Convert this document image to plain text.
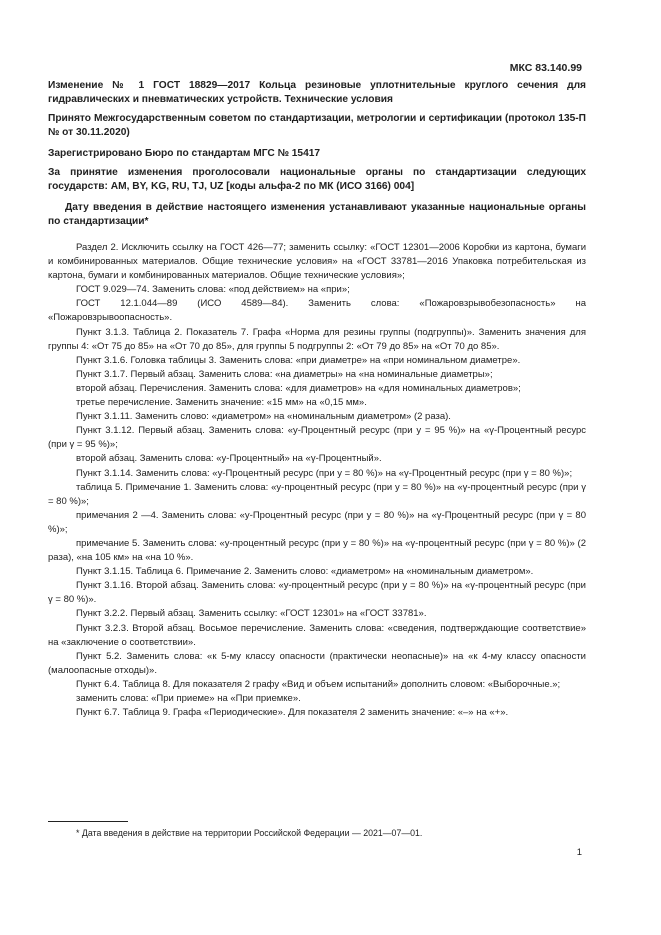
МКС 83.140.99
Изменение № 1 ГОСТ 18829—2017 Кольца резиновые уплотнительные круглого сечения для гидравлических и пневматических устройств. Технические условия
Принято Межгосударственным советом по стандартизации, метрологии и сертификации (протокол 135-П № от 30.11.2020)
Зарегистрировано Бюро по стандартам МГС № 15417
За принятие изменения проголосовали национальные органы по стандартизации следующих государств: AM, BY, KG, RU, TJ, UZ [коды альфа-2 по МК (ИСО 3166) 004]
Дату введения в действие настоящего изменения устанавливают указанные национальные органы по стандартизации*

Раздел 2. Исключить ссылку на ГОСТ 426—77; заменить ссылку: «ГОСТ 12301—2006 Коробки из картона, бумаги и комбинированных материалов. Общие технические условия» на «ГОСТ 33781—2016 Упаковка потребительская из картона, бумаги и комбинированных материалов. Общие технические условия»;

ГОСТ 9.029—74. Заменить слова: «под действием» на «при»;

ГОСТ 12.1.044—89 (ИСО 4589—84). Заменить слова: «Пожаровзрывобезопасность» на «Пожаровзрывоопасность».

Пункт 3.1.3. Таблица 2. Показатель 7. Графа «Норма для резины группы (подгруппы)». Заменить значения для группы 4: «От 75 до 85» на «От 70 до 85», для группы 5 подгруппы 2: «От 79 до 85» на «От 70 до 85».

Пункт 3.1.6. Головка таблицы 3. Заменить слова: «при диаметре» на «при номинальном диаметре».

Пункт 3.1.7. Первый абзац. Заменить слова: «на диаметры» на «на номинальные диаметры»;

второй абзац. Перечисления. Заменить слова: «для диаметров» на «для номинальных диаметров»;

третье перечисление. Заменить значение: «15 мм» на «0,15 мм».

Пункт 3.1.11. Заменить слово: «диаметром» на «номинальным диаметром» (2 раза).

Пункт 3.1.12. Первый абзац. Заменить слова: «у-Процентный ресурс (при у = 95 %)» на «γ-Процентный ресурс (при γ = 95 %)»;

второй абзац. Заменить слова: «у-Процентный» на «γ-Процентный».

Пункт 3.1.14. Заменить слова: «у-Процентный ресурс (при у = 80 %)» на «γ-Процентный ресурс (при γ = 80 %)»;

таблица 5. Примечание 1. Заменить слова: «у-процентный ресурс (при у = 80 %)» на «γ-процентный ресурс (при γ = 80 %)»;

примечания 2 —4. Заменить слова: «у-Процентный ресурс (при у = 80 %)» на «γ-Процентный ресурс (при γ = 80 %)»;

примечание 5. Заменить слова: «у-процентный ресурс (при у = 80 %)» на «γ-процентный ресурс (при γ = 80 %)» (2 раза), «на 105 км» на «на 10 %».

Пункт 3.1.15. Таблица 6. Примечание 2. Заменить слово: «диаметром» на «номинальным диаметром».

Пункт 3.1.16. Второй абзац. Заменить слова: «у-процентный ресурс (при у = 80 %)» на «γ-процентный ресурс (при γ = 80 %)».

Пункт 3.2.2. Первый абзац. Заменить ссылку: «ГОСТ 12301» на «ГОСТ 33781».

Пункт 3.2.3. Второй абзац. Восьмое перечисление. Заменить слова: «сведения, подтверждающие соответствие» на «заключение о соответствии».

Пункт 5.2. Заменить слова: «к 5-му классу опасности (практически неопасные)» на «к 4-му классу опасности (малоопасные отходы)».

Пункт 6.4. Таблица 8. Для показателя 2 графу «Вид и объем испытаний» дополнить словом: «Выборочные.»;

заменить слова: «При приеме» на «При приемке».

Пункт 6.7. Таблица 9. Графа «Периодические». Для показателя 2 заменить значение: «–» на «+».

* Дата введения в действие на территории Российской Федерации — 2021—07—01.
1
